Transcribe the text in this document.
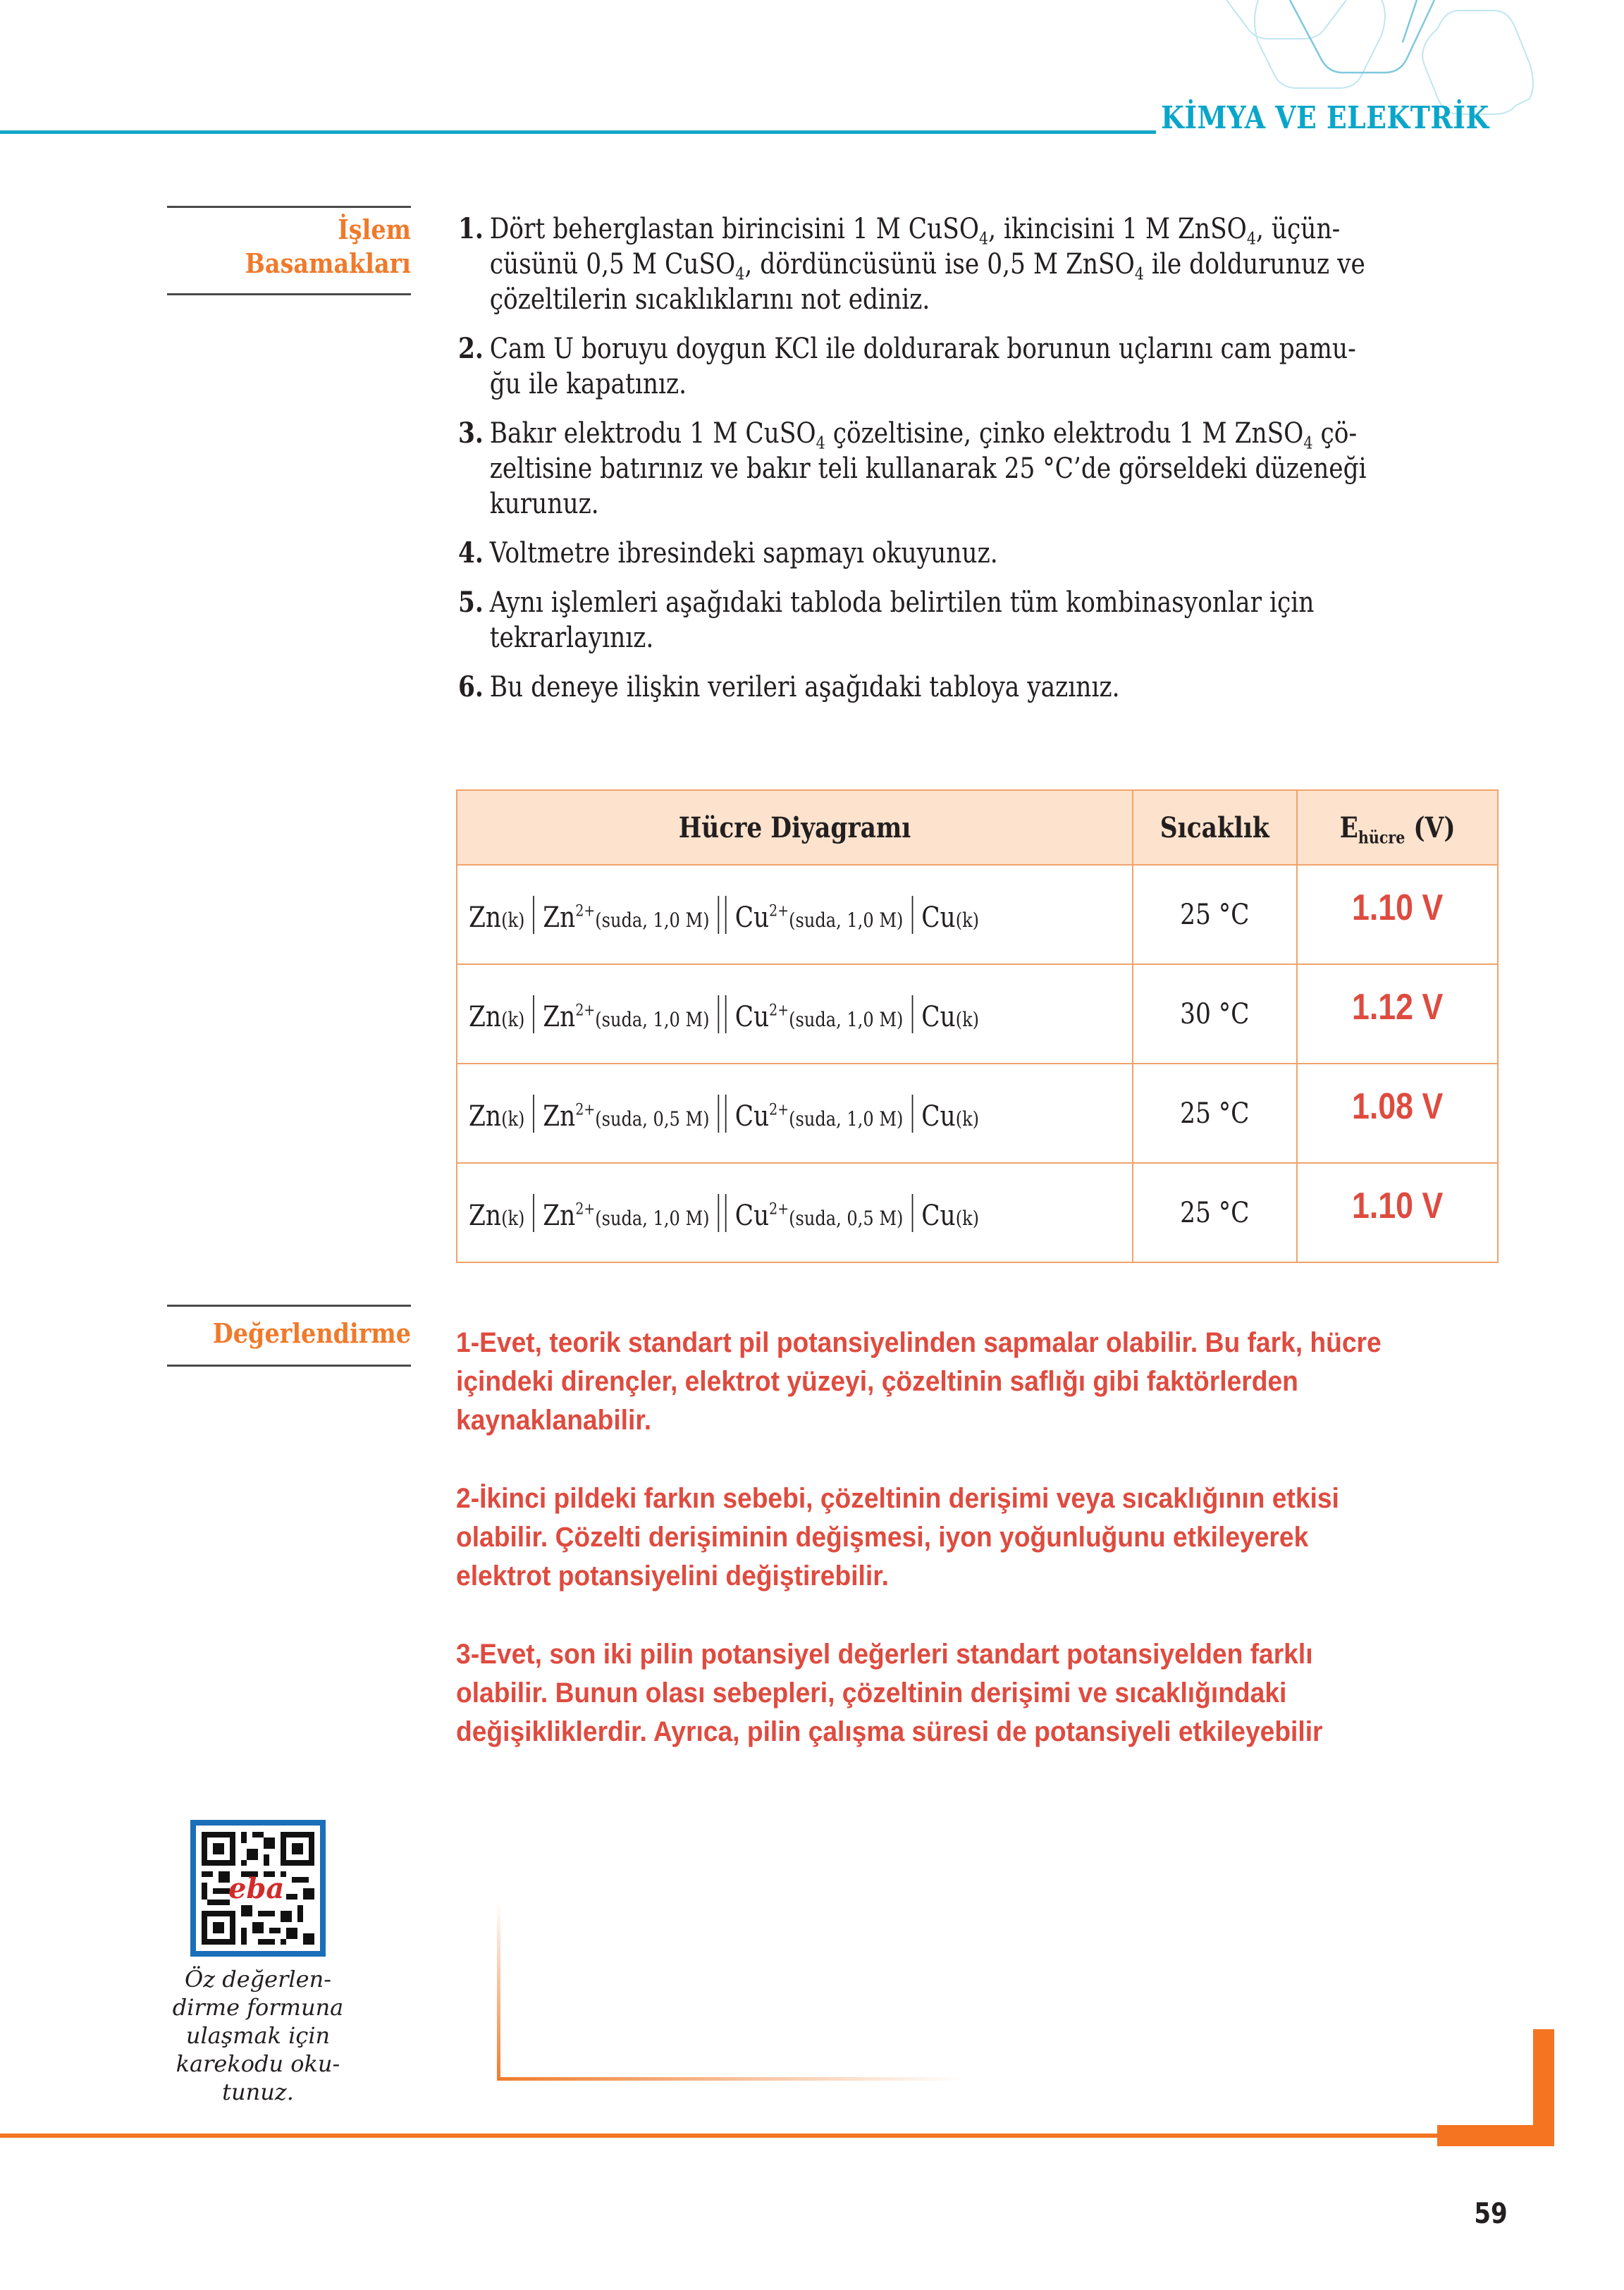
KİMYA VE ELEKTRİK
İşlem
Basamakları
1. Dört beherglastan birincisini 1 M CuSO$_4$, ikincisini 1 M ZnSO$_4$, üçün-
cüsünü 0,5 M CuSO$_4$, dördüncüsünü ise 0,5 M ZnSO$_4$ ile doldurunuz ve
çözeltilerin sıcaklıklarını not ediniz.
2. Cam U boruyu doygun KCl ile doldurarak borunun uçlarını cam pamu-
ğu ile kapatınız.
3. Bakır elektrodu 1 M CuSO$_4$ çözeltisine, çinko elektrodu 1 M ZnSO$_4$ çö-
zeltisine batırınız ve bakır teli kullanarak 25 °C’de görseldeki düzeneği
kurunuz.
4. Voltmetre ibresindeki sapmayı okuyunuz.
5. Aynı işlemleri aşağıdaki tabloda belirtilen tüm kombinasyonlar için
tekrarlayınız.
6. Bu deneye ilişkin verileri aşağıdaki tabloya yazınız.
Hücre Diyagramı	Sıcaklık	$E_{hücre}$ (V)

Zn(k) $Zn^{2+}(suda$, 1,0 M) $Cu^{2+}(suda$, 1,0 M) Cu(k)	25 °C	1.10 V

Zn(k) $Zn^{2+}(suda$, 1,0 M) $Cu^{2+}(suda$, 1,0 M) Cu(k)	30 °C	1.12 V

Zn(k) $Zn^{2+}(suda$, 0,5 M) $Cu^{2+}(suda$, 1,0 M) Cu(k)	25 °C	1.08 V

Zn(k) $Zn^{2+}(suda$, 1,0 M) $Cu^{2+}(suda$, 0,5 M) Cu(k)	25 °C	1.10 V
Değerlendirme 1-Evet, teorik standart pil potansiyelinden sapmalar olabilir. Bu fark, hücre
içindeki dirençler, elektrot yüzeyi, çözeltinin saflığı gibi faktörlerden
kaynaklanabilir.
2-İkinci pildeki farkın sebebi, çözeltinin derişimi veya sıcaklığının etkisi
olabilir. Çözelti derişiminin değişmesi, iyon yoğunluğunu etkileyerek
elektrot potansiyelini değiştirebilir.
3-Evet, son iki pilin potansiyel değerleri standart potansiyelden farklı
olabilir. Bunun olası sebepleri, çözeltinin derişimi ve sıcaklığındaki
değişikliklerdir. Ayrıca, pilin çalışma süresi de potansiyeli etkileyebilir
eba
Öz değerlen-
dirme formuna
ulaşmak için
karekodu oku-
tunuz.
59
